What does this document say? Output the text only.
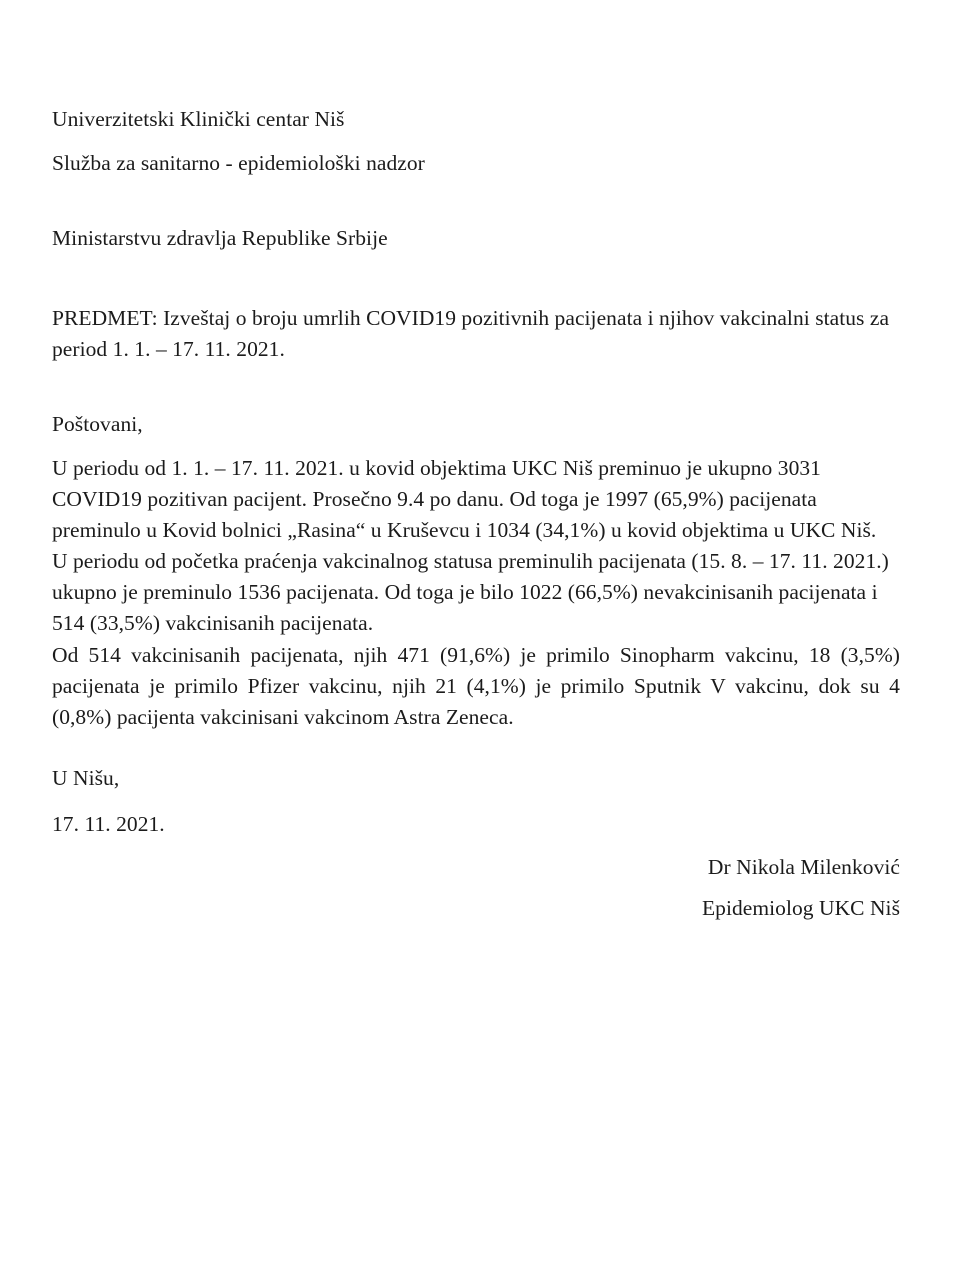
Univerzitetski Klinički centar Niš
Služba za sanitarno - epidemiološki nadzor
Ministarstvu zdravlja Republike Srbije

PREDMET: Izveštaj o broju umrlih COVID19 pozitivnih pacijenata i njihov vakcinalni status za period 1. 1. – 17. 11. 2021.

Poštovani,

U periodu od 1. 1. – 17. 11. 2021. u kovid objektima UKC Niš preminuo je ukupno 3031 COVID19 pozitivan pacijent. Prosečno 9.4 po danu. Od toga je 1997 (65,9%) pacijenata preminulo u Kovid bolnici „Rasina“ u Kruševcu i 1034 (34,1%) u kovid objektima u UKC Niš.

U periodu od početka praćenja vakcinalnog statusa preminulih pacijenata (15. 8. – 17. 11. 2021.) ukupno je preminulo 1536 pacijenata. Od toga je bilo 1022 (66,5%) nevakcinisanih pacijenata i 514 (33,5%) vakcinisanih pacijenata.

Od 514 vakcinisanih pacijenata, njih 471 (91,6%) je primilo Sinopharm vakcinu, 18 (3,5%) pacijenata je primilo Pfizer vakcinu, njih 21 (4,1%) je primilo Sputnik V vakcinu, dok su 4 (0,8%) pacijenta vakcinisani vakcinom Astra Zeneca.

U Nišu,
17. 11. 2021.
Dr Nikola Milenković
Epidemiolog UKC Niš
